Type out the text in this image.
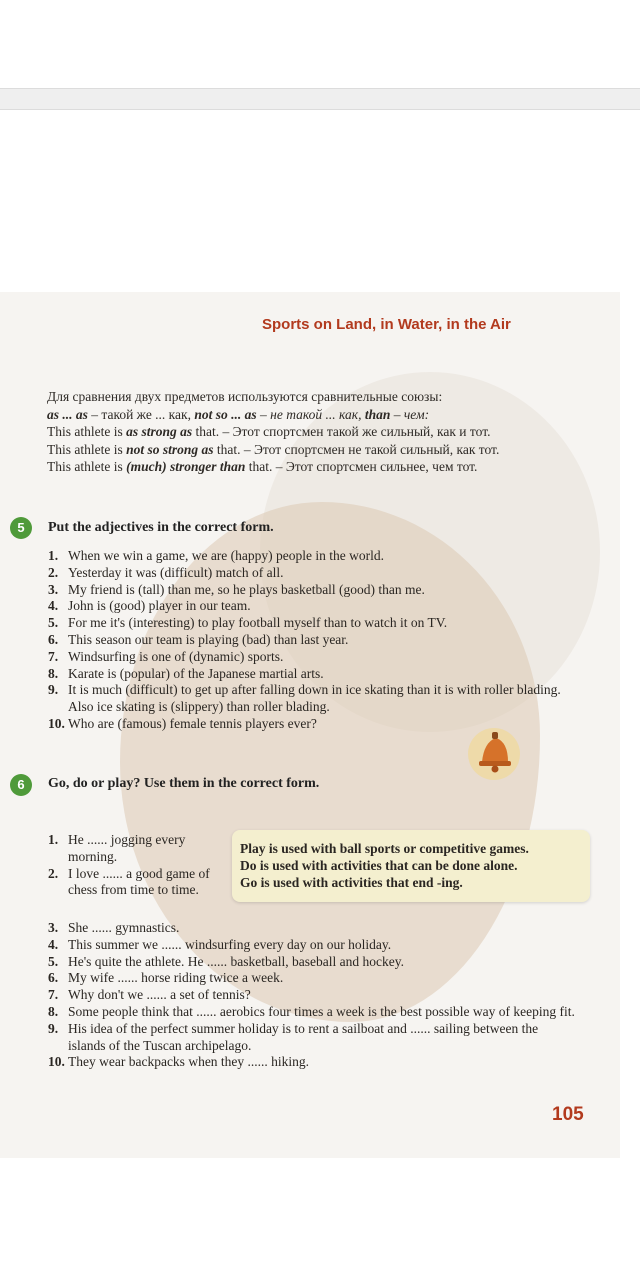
Sports on Land, in Water, in the Air
Для сравнения двух предметов используются сравнительные союзы:
as ... as – такой же ... как, not so ... as – не такой ... как, than – чем:
This athlete is as strong as that. – Этот спортсмен такой же сильный, как и тот.
This athlete is not so strong as that. – Этот спортсмен не такой сильный, как тот.
This athlete is (much) stronger than that. – Этот спортсмен сильнее, чем тот.
5	Put the adjectives in the correct form.
1. When we win a game, we are (happy) people in the world.
2. Yesterday it was (difficult) match of all.
3. My friend is (tall) than me, so he plays basketball (good) than me.
4. John is (good) player in our team.
5. For me it's (interesting) to play football myself than to watch it on TV.
6. This season our team is playing (bad) than last year.
7. Windsurfing is one of (dynamic) sports.
8. Karate is (popular) of the Japanese martial arts.
9. It is much (difficult) to get up after falling down in ice skating than it is with roller blading. Also ice skating is (slippery) than roller blading.
10. Who are (famous) female tennis players ever?
6	Go, do or play? Use them in the correct form.
Play is used with ball sports or competitive games.
Do is used with activities that can be done alone.
Go is used with activities that end -ing.
1. He ...... jogging every morning.
2. I love ...... a good game of chess from time to time.
3. She ...... gymnastics.
4. This summer we ...... windsurfing every day on our holiday.
5. He's quite the athlete. He ...... basketball, baseball and hockey.
6. My wife ...... horse riding twice a week.
7. Why don't we ...... a set of tennis?
8. Some people think that ...... aerobics four times a week is the best possible way of keeping fit.
9. His idea of the perfect summer holiday is to rent a sailboat and ...... sailing between the islands of the Tuscan archipelago.
10. They wear backpacks when they ...... hiking.
105
